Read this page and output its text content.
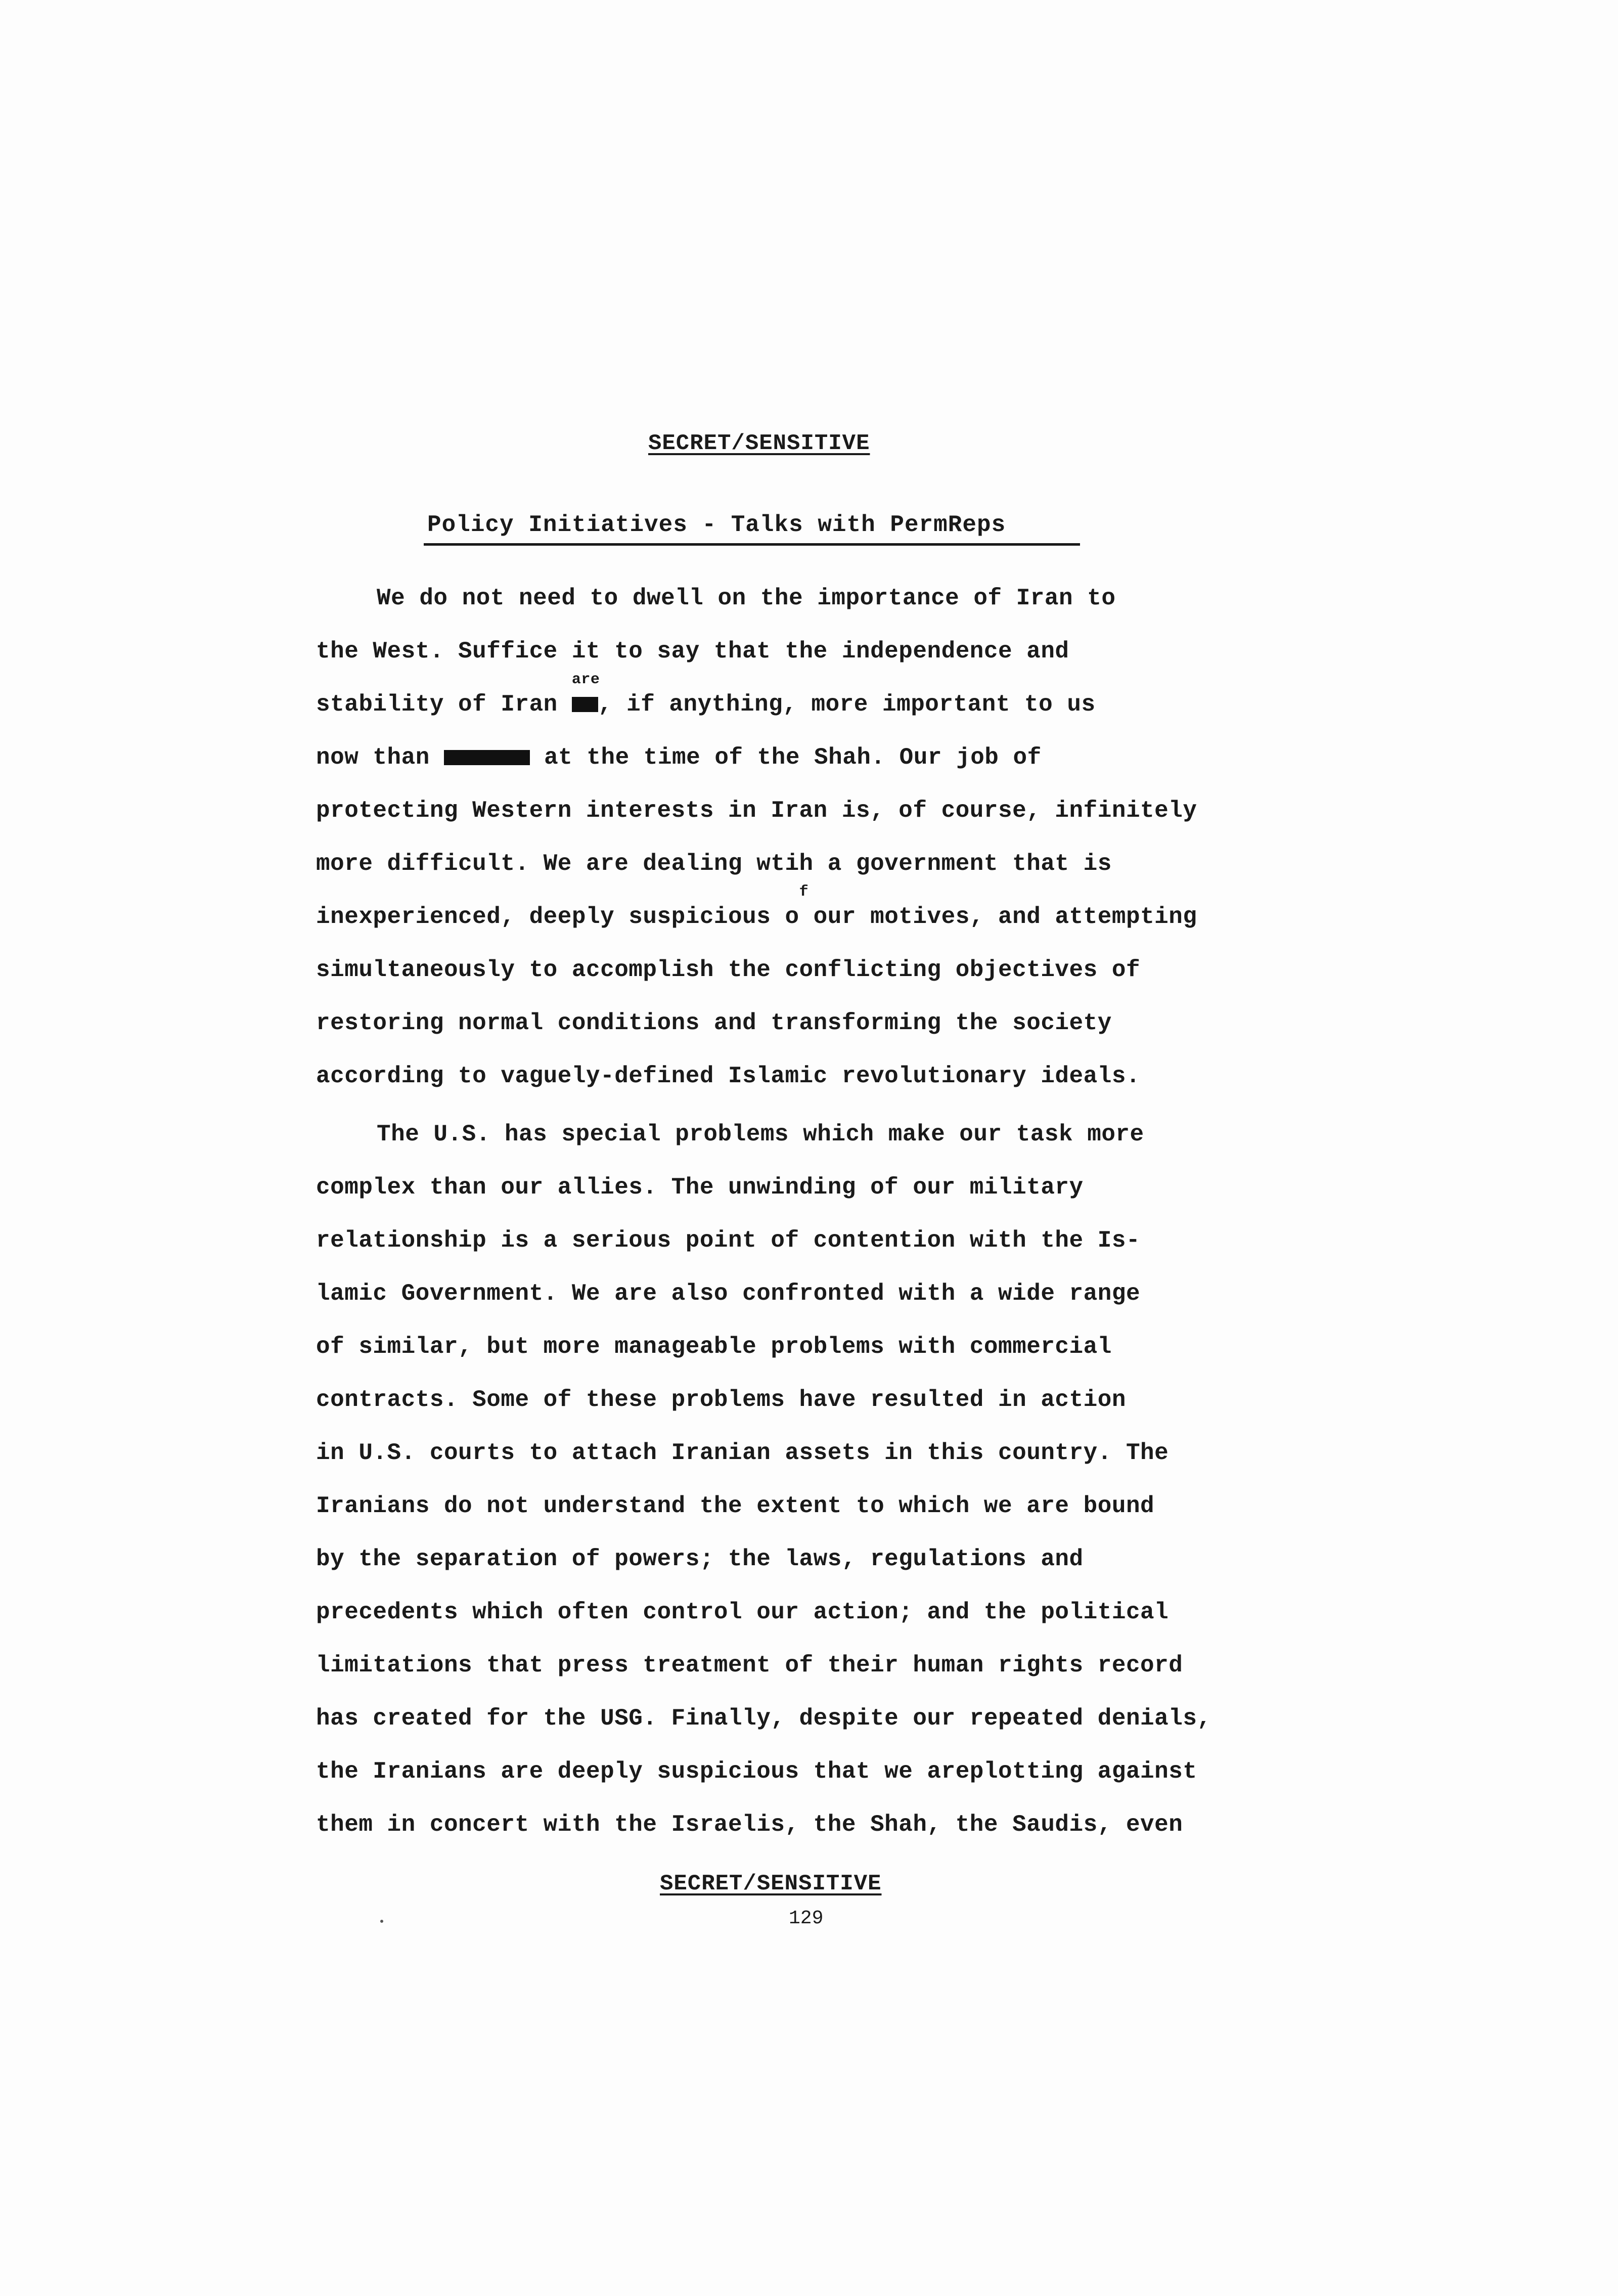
SECRET/SENSITIVE
Policy Initiatives - Talks with PermReps
We do not need to dwell on the importance of Iran to
the West. Suffice it to say that the independence and
stability of Iran
are
, if anything, more important to us
now than	at the time of the Shah. Our job of
protecting Western interests in Iran is, of course, infinitely
more difficult. We are dealing wtih a government that is
inexperienced, deeply suspicious o
f
our motives, and attempting
simultaneously to accomplish the conflicting objectives of
restoring normal conditions and transforming the society
according to vaguely-defined Islamic revolutionary ideals.
The U.S. has special problems which make our task more
complex than our allies. The unwinding of our military
relationship is a serious point of contention with the Is-
lamic Government. We are also confronted with a wide range
of similar, but more manageable problems with commercial
contracts. Some of these problems have resulted in action
in U.S. courts to attach Iranian assets in this country. The
Iranians do not understand the extent to which we are bound
by the separation of powers; the laws, regulations and
precedents which often control our action; and the political
limitations that press treatment of their human rights record
has created for the USG. Finally, despite our repeated denials,
the Iranians are deeply suspicious that we areplotting against
them in concert with the Israelis, the Shah, the Saudis, even
SECRET/SENSITIVE
129
